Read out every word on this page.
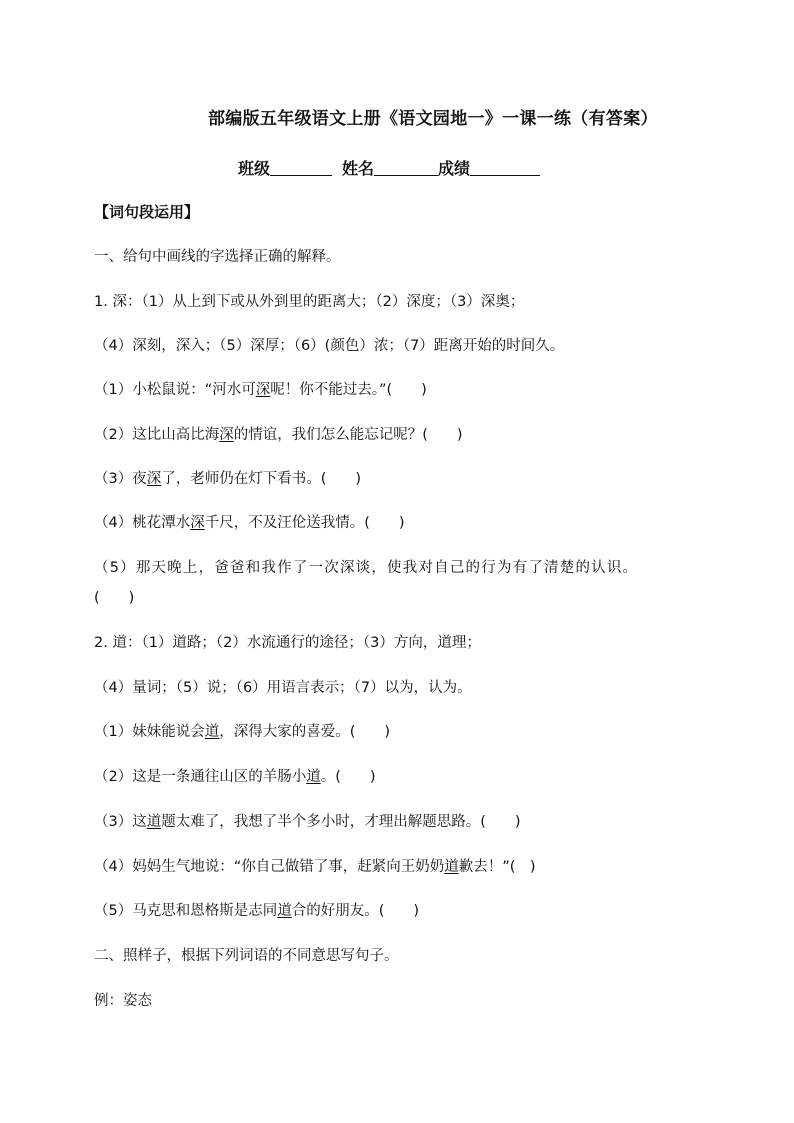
部编版五年级语文上册《语文园地一》一课一练（有答案）
班级	姓名	成绩
【词句段运用】
一、给句中画线的字选择正确的解释。
1. 深：（1）从上到下或从外到里的距离大；（2）深度；（3）深奥；
（4）深刻，深入；（5）深厚；（6）(颜色）浓；（7）距离开始的时间久。
（1）小松鼠说：“河水可深呢！你不能过去。”(　　)
（2）这比山高比海深的情谊，我们怎么能忘记呢？(　　)
（3）夜深了，老师仍在灯下看书。(　　)
（4）桃花潭水深千尺，不及汪伦送我情。(　　)
（5）那天晚上，爸爸和我作了一次深谈，使我对自己的行为有了清楚的认识。
(　　)
2. 道：（1）道路；（2）水流通行的途径；（3）方向，道理；
（4）量词；（5）说；（6）用语言表示；（7）以为，认为。
（1）妹妹能说会道，深得大家的喜爱。(　　)
（2）这是一条通往山区的羊肠小道。(　　)
（3）这道题太难了，我想了半个多小时，才理出解题思路。(　　)
（4）妈妈生气地说：“你自己做错了事，赶紧向王奶奶道歉去！”(　)
（5）马克思和恩格斯是志同道合的好朋友。(　　)
二、照样子，根据下列词语的不同意思写句子。
例：姿态
